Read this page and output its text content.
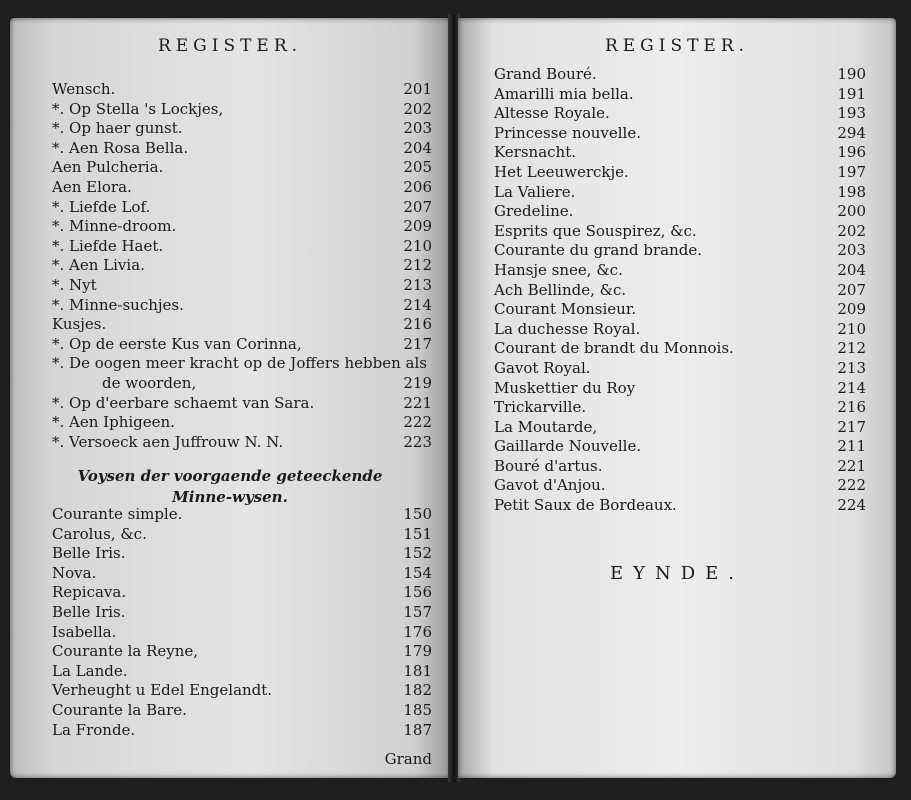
REGISTER.
Wensch.	201
*. Op Stella 's Lockjes,	202
*. Op haer gunst.	203
*. Aen Rosa Bella.	204
Aen Pulcheria.	205
Aen Elora.	206
*. Liefde Lof.	207
*. Minne-droom.	209
*. Liefde Haet.	210
*. Aen Livia.	212
*. Nyt	213
*. Minne-suchjes.	214
Kusjes.	216
*. Op de eerste Kus van Corinna,	217
*. De oogen meer kracht op de Joffers hebben als
de woorden,	219
*. Op d'eerbare schaemt van Sara.	221
*. Aen Iphigeen.	222
*. Versoeck aen Juffrouw N. N.	223
Voysen der voorgaende geteeckende
Minne-wysen.
Courante simple.	150
Carolus, &c.	151
Belle Iris.	152
Nova.	154
Repicava.	156
Belle Iris.	157
Isabella.	176
Courante la Reyne,	179
La Lande.	181
Verheught u Edel Engelandt.	182
Courante la Bare.	185
La Fronde.	187
Grand
REGISTER.
Grand Bouré.	190
Amarilli mia bella.	191
Altesse Royale.	193
Princesse nouvelle.	294
Kersnacht.	196
Het Leeuwerckje.	197
La Valiere.	198
Gredeline.	200
Esprits que Souspirez, &c.	202
Courante du grand brande.	203
Hansje snee, &c.	204
Ach Bellinde, &c.	207
Courant Monsieur.	209
La duchesse Royal.	210
Courant de brandt du Monnois.	212
Gavot Royal.	213
Muskettier du Roy	214
Trickarville.	216
La Moutarde,	217
Gaillarde Nouvelle.	211
Bouré d'artus.	221
Gavot d'Anjou.	222
Petit Saux de Bordeaux.	224
EYNDE.
